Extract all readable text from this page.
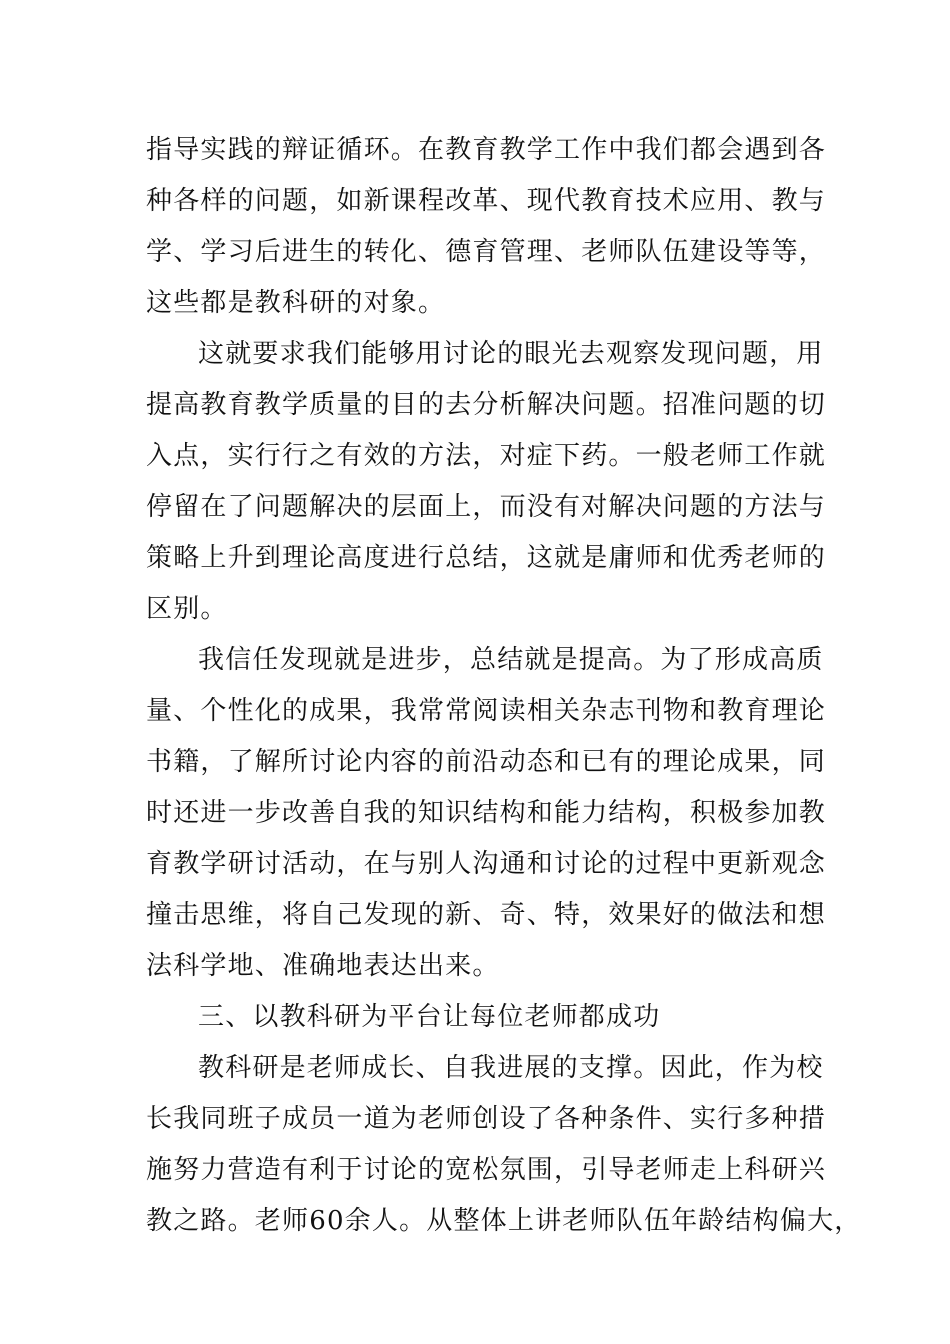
指导实践的辩证循环。在教育教学工作中我们都会遇到各
种各样的问题，如新课程改革、现代教育技术应用、教与
学、学习后进生的转化、德育管理、老师队伍建设等等，
这些都是教科研的对象。
这就要求我们能够用讨论的眼光去观察发现问题，用
提高教育教学质量的目的去分析解决问题。招准问题的切
入点，实行行之有效的方法，对症下药。一般老师工作就
停留在了问题解决的层面上，而没有对解决问题的方法与
策略上升到理论高度进行总结，这就是庸师和优秀老师的
区别。
我信任发现就是进步，总结就是提高。为了形成高质
量、个性化的成果，我常常阅读相关杂志刊物和教育理论
书籍，了解所讨论内容的前沿动态和已有的理论成果，同
时还进一步改善自我的知识结构和能力结构，积极参加教
育教学研讨活动，在与别人沟通和讨论的过程中更新观念
撞击思维，将自己发现的新、奇、特，效果好的做法和想
法科学地、准确地表达出来。
三、以教科研为平台让每位老师都成功
教科研是老师成长、自我进展的支撑。因此，作为校
长我同班子成员一道为老师创设了各种条件、实行多种措
施努力营造有利于讨论的宽松氛围，引导老师走上科研兴
教之路。老师60余人。从整体上讲老师队伍年龄结构偏大，
